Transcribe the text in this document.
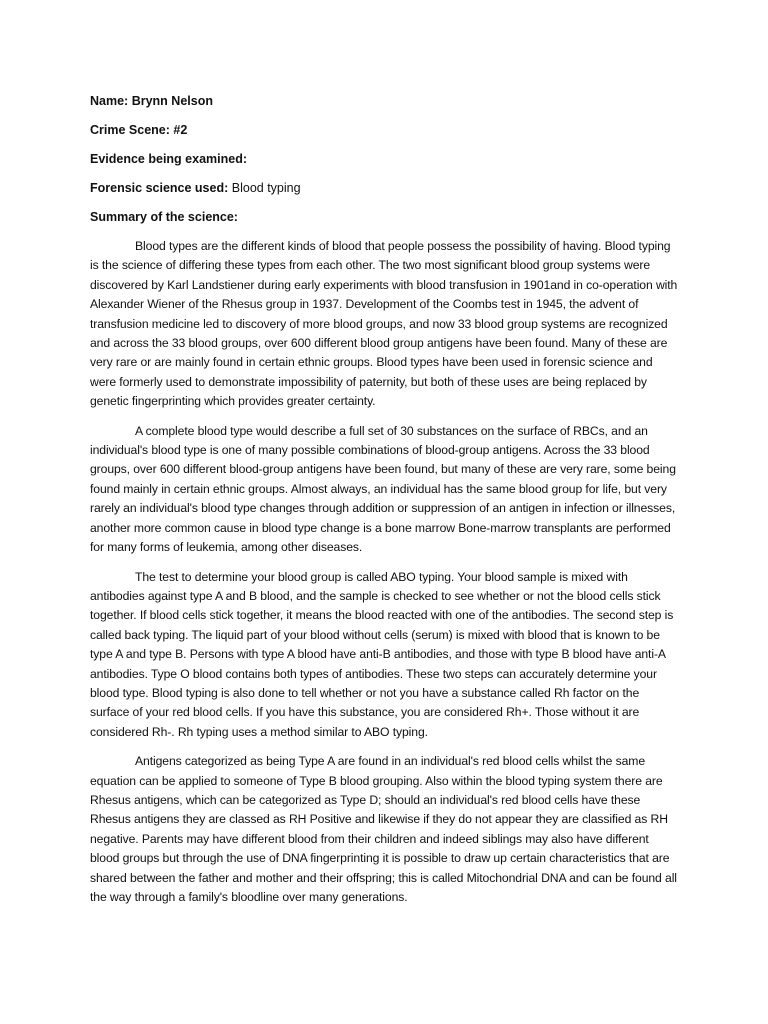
Name: Brynn Nelson
Crime Scene: #2
Evidence being examined:
Forensic science used: Blood typing
Summary of the science:

Blood types are the different kinds of blood that people possess the possibility of having. Blood typing is the science of differing these types from each other. The two most significant blood group systems were discovered by Karl Landstiener during early experiments with blood transfusion in 1901and in co-operation with Alexander Wiener of the Rhesus group in 1937. Development of the Coombs test in 1945, the advent of transfusion medicine led to discovery of more blood groups, and now 33 blood group systems are recognized and across the 33 blood groups, over 600 different blood group antigens have been found. Many of these are very rare or are mainly found in certain ethnic groups. Blood types have been used in forensic science and were formerly used to demonstrate impossibility of paternity, but both of these uses are being replaced by genetic fingerprinting which provides greater certainty.

A complete blood type would describe a full set of 30 substances on the surface of RBCs, and an individual's blood type is one of many possible combinations of blood-group antigens. Across the 33 blood groups, over 600 different blood-group antigens have been found, but many of these are very rare, some being found mainly in certain ethnic groups. Almost always, an individual has the same blood group for life, but very rarely an individual's blood type changes through addition or suppression of an antigen in infection or illnesses, another more common cause in blood type change is a bone marrow Bone-marrow transplants are performed for many forms of leukemia, among other diseases.

The test to determine your blood group is called ABO typing. Your blood sample is mixed with antibodies against type A and B blood, and the sample is checked to see whether or not the blood cells stick together. If blood cells stick together, it means the blood reacted with one of the antibodies. The second step is called back typing. The liquid part of your blood without cells (serum) is mixed with blood that is known to be type A and type B. Persons with type A blood have anti-B antibodies, and those with type B blood have anti-A antibodies. Type O blood contains both types of antibodies. These two steps can accurately determine your blood type. Blood typing is also done to tell whether or not you have a substance called Rh factor on the surface of your red blood cells. If you have this substance, you are considered Rh+. Those without it are considered Rh-. Rh typing uses a method similar to ABO typing.

Antigens categorized as being Type A are found in an individual's red blood cells whilst the same equation can be applied to someone of Type B blood grouping. Also within the blood typing system there are Rhesus antigens, which can be categorized as Type D; should an individual's red blood cells have these Rhesus antigens they are classed as RH Positive and likewise if they do not appear they are classified as RH negative. Parents may have different blood from their children and indeed siblings may also have different blood groups but through the use of DNA fingerprinting it is possible to draw up certain characteristics that are shared between the father and mother and their offspring; this is called Mitochondrial DNA and can be found all the way through a family's bloodline over many generations.
